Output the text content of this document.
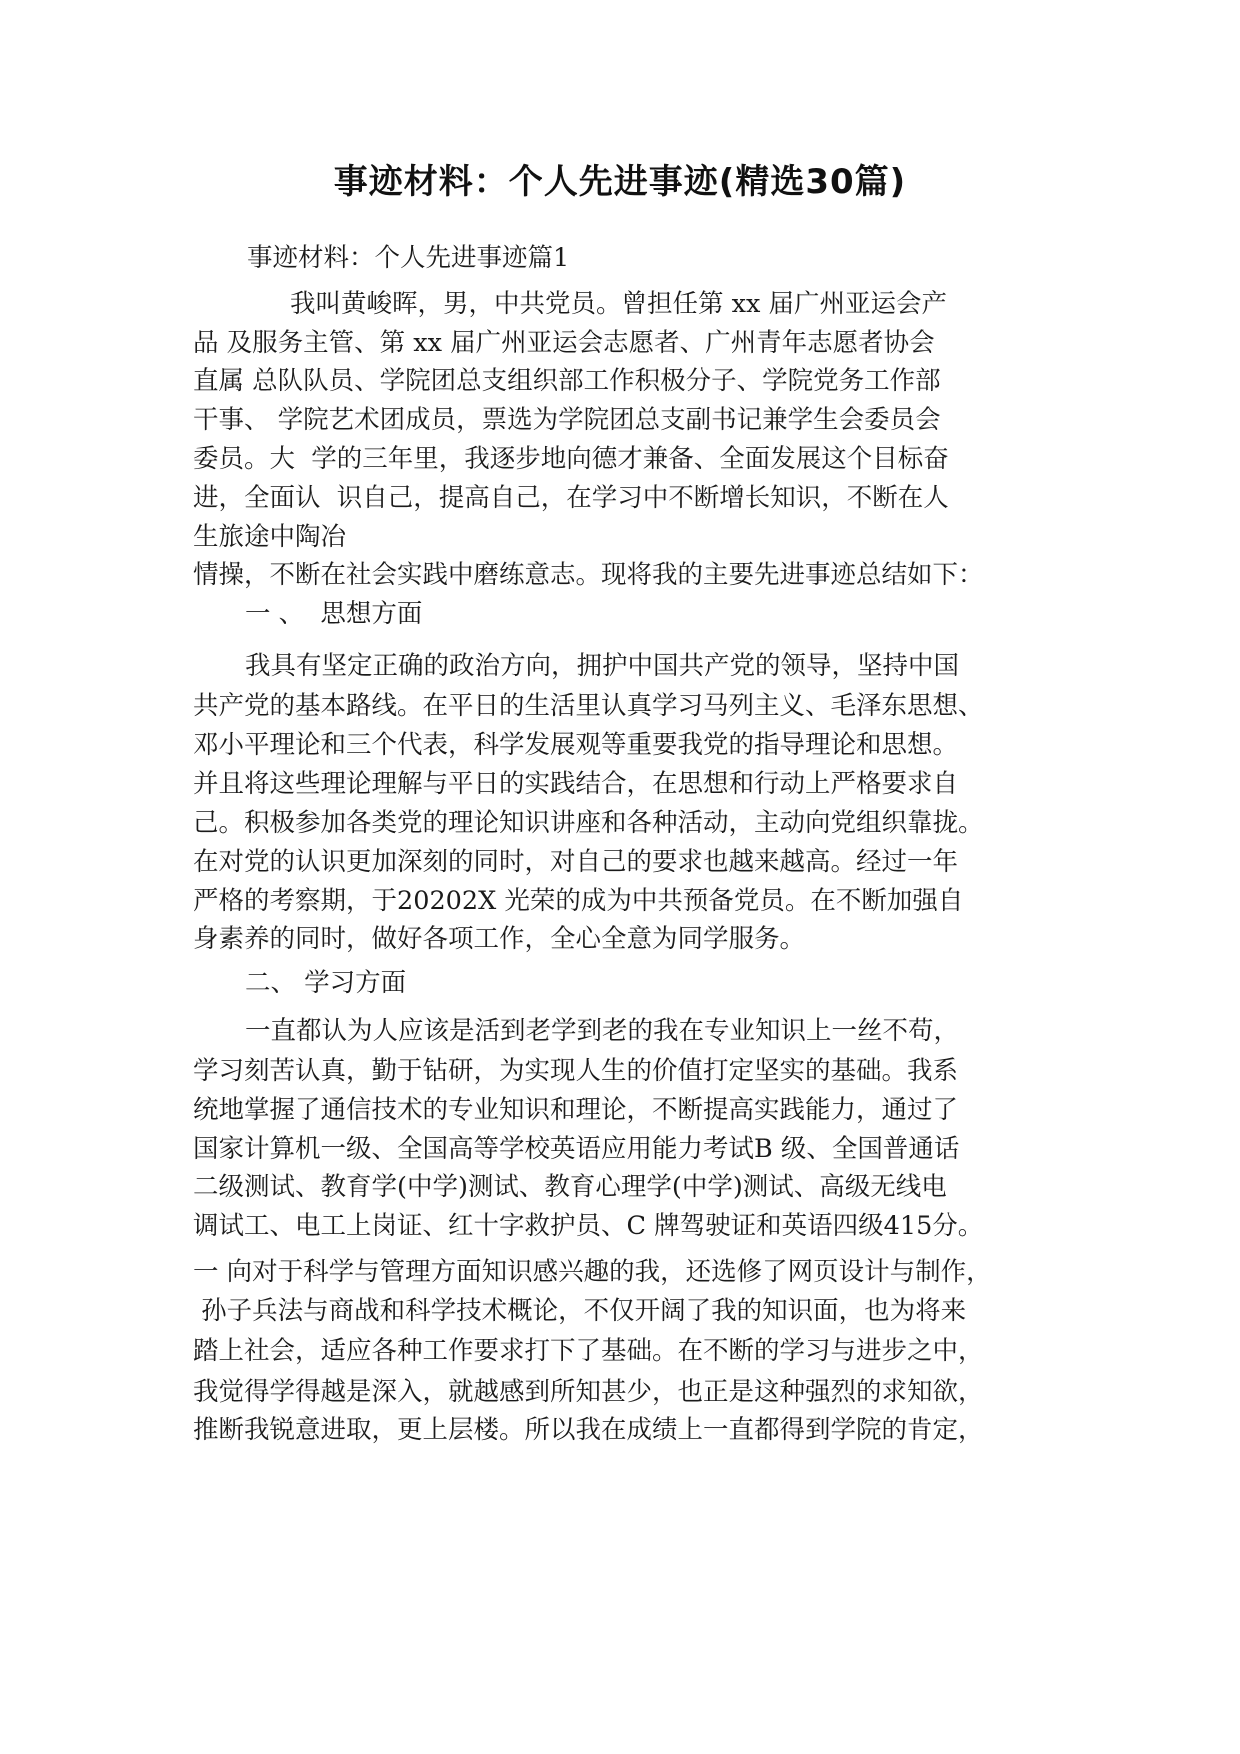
事迹材料：个人先进事迹(精选30篇)
事迹材料：个人先进事迹篇1
我叫黄峻晖，男，中共党员。曾担任第 xx 届广州亚运会产
品 及服务主管、第 xx 届广州亚运会志愿者、广州青年志愿者协会
直属 总队队员、学院团总支组织部工作积极分子、学院党务工作部
干事、 学院艺术团成员，票选为学院团总支副书记兼学生会委员会
委员。大  学的三年里，我逐步地向德才兼备、全面发展这个目标奋
进，全面认  识自己，提高自己，在学习中不断增长知识，不断在人
生旅途中陶冶
情操，不断在社会实践中磨练意志。现将我的主要先进事迹总结如下：
一 、  思想方面
我具有坚定正确的政治方向，拥护中国共产党的领导，坚持中国
共产党的基本路线。在平日的生活里认真学习马列主义、毛泽东思想、
邓小平理论和三个代表，科学发展观等重要我党的指导理论和思想。
并且将这些理论理解与平日的实践结合，在思想和行动上严格要求自
己。积极参加各类党的理论知识讲座和各种活动，主动向党组织靠拢。
在对党的认识更加深刻的同时，对自己的要求也越来越高。经过一年
严格的考察期，于20202X 光荣的成为中共预备党员。在不断加强自
身素养的同时，做好各项工作，全心全意为同学服务。
二、 学习方面
一直都认为人应该是活到老学到老的我在专业知识上一丝不苟，
学习刻苦认真，勤于钻研，为实现人生的价值打定坚实的基础。我系
统地掌握了通信技术的专业知识和理论，不断提高实践能力，通过了
国家计算机一级、全国高等学校英语应用能力考试B 级、全国普通话
二级测试、教育学(中学)测试、教育心理学(中学)测试、高级无线电
调试工、电工上岗证、红十字救护员、C 牌驾驶证和英语四级415分。
一 向对于科学与管理方面知识感兴趣的我，还选修了网页设计与制作，
孙子兵法与商战和科学技术概论，不仅开阔了我的知识面，也为将来
踏上社会，适应各种工作要求打下了基础。在不断的学习与进步之中，
我觉得学得越是深入，就越感到所知甚少，也正是这种强烈的求知欲，
推断我锐意进取，更上层楼。所以我在成绩上一直都得到学院的肯定，
